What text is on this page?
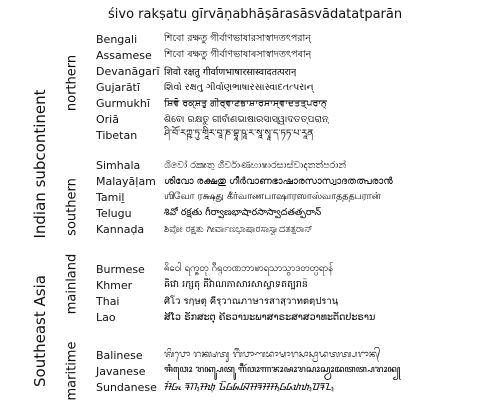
śivo rakṣatu gīrvāṇabhāṣārasāsvādatatparān
Indian subcontinent
northern
southern
Southeast Asia mainland
maritime
Bengali	শিবো রক্ষতু গীর্বাণভাষারসাস্বাদতৎপরান্
Assamese	শিবো ৰক্ষতু গীৰ্বাণভাষাৰসাস্বাদতৎপৰান্
Devanāgarī शिवो रक्षतु गीर्वाणभाषारसास्वादतत्परान्
Gujarātī	શિવો રક્ષતુ ગીર્વાણભાષારસાસ્વાદતત્પરાન્
Gurmukhī	ਸ਼ਿਵੋ ਰਕ੍ਸ਼ਤੁ ਗੀਰ੍ਵਾਣਭਾਸ਼ਾਰਸਾਸ੍ਵਾਦਤਤ੍ਪਰਾਨ੍
Oriā	ଶିବୋ ରକ୍ଷତୁ ଗୀର୍ବାଣଭାଷାରସାସ୍ୱାଦତତ୍ପରାନ୍
Tibetan	ཤི་བོ་རཀྵ་ཏུ་གཱིར་བཱ་ཎ་བྷཱ་ཥཱ་ར་སཱ་སྭཱ་ད་ཏཏ་པ་རཱན
Simhala	ශිවෝ රක්‍ෂතු ගීර්වාණභාෂාරසාස්වාදතත්පරාන්
Malayāḷam ശിവോ രക്ഷതു ഗീർവാണഭാഷാരസാസ്വാദതത്പരാൻ
Tamiḻ	ஶிவோ ரக்ஷது கீர்வாணபாஷாரஸாஸ்வாதததபரான்
Telugu	శివో రక్షతు గీర్వాణభాషారసాస్వాదతత్పరాన్
Kannaḍa	ಶಿವೋ ರಕ್ಷತು ಗೀರ್ವಾಣಭಾಷಾರಸಾಸ್ವಾದತತ್ಪರಾನ್
Burmese	ၐိဝေါ ရက္ၐတု ဂီရ္ဝာဏဘာၑာရသာသွာဒတတ္ပရာန်
Khmer	ឝិវោ រក្សតុ គីវ៌ាណភាសារសាស្វាទតត្បរាន៑
Thai	ศิโว รกฺษตุ คีรฺวาณภาษารสาสฺวาทตตฺปรานฺ
Lao	ສິໂວ ຣັກສະຕຸ ຄີຣວານະພາສາຣະສາສວາທະຕັດປະຣານ
Balinese	ᬰᬶᬯᭀ ᬭᬓ᭄ᬱᬢᬸ ᬕᬷᬃᬯᬵᬡᬪᬵᬱᬵᬭᬲᬵᬲ᭄ᬯᬵᬤᬢᬢ᭄ᬧᬭᬵᬦ᭄
Javanese	ꦯꦶꦮꦺꦴ ꦫꦏ꧀ꦰꦠꦸ ꦒꦷꦂꦮꦴꦟꦨꦴꦰꦴꦫꦱꦴꦱ꧀ꦮꦴꦢꦠꦠ꧀ꦥꦫꦴꦤ꧀
Sundanese ᮞᮤᮝᮧ ᮛᮊ᮪ᮞᮒᮥ ᮌᮤᮁᮝᮏᮘᮞᮛᮞᮞ᮪ᮝᮓᮒᮒ᮪ᮕᮛᮔ᮪
